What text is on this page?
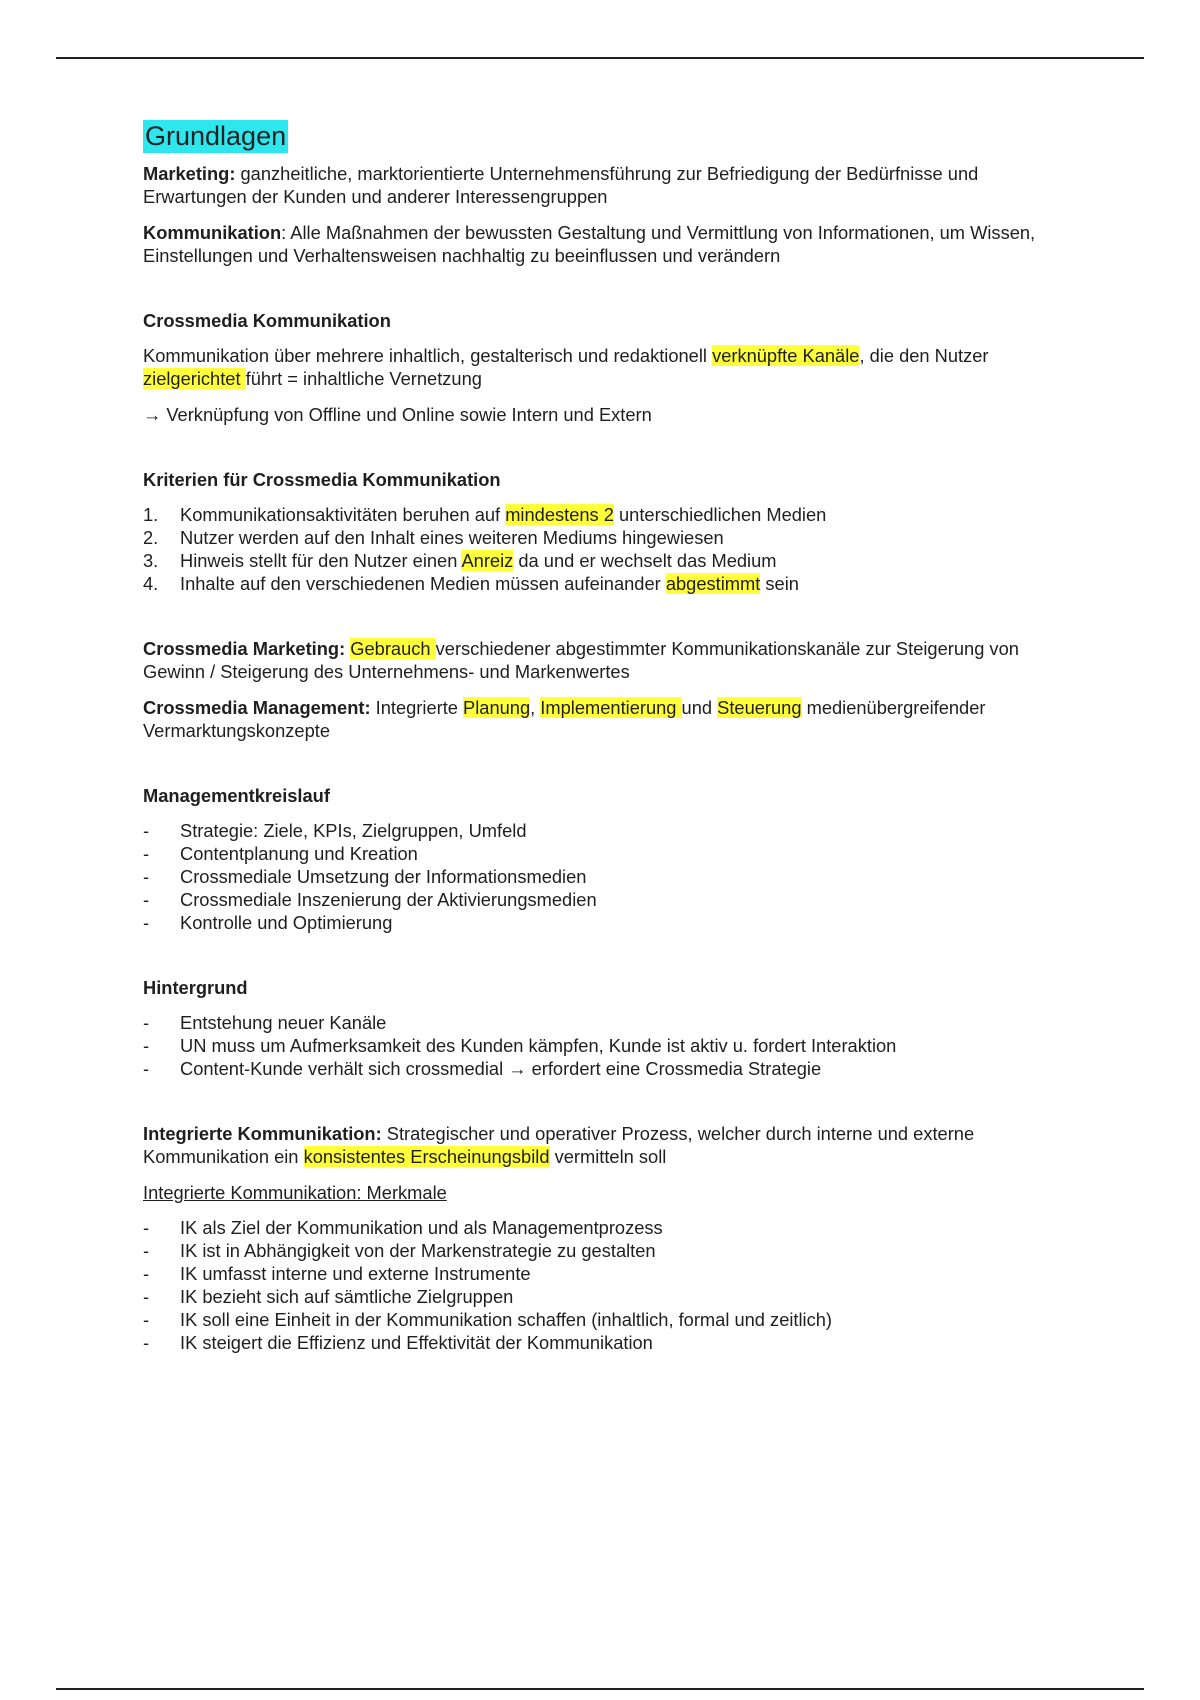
Grundlagen

Marketing: ganzheitliche, marktorientierte Unternehmensführung zur Befriedigung der Bedürfnisse und Erwartungen der Kunden und anderer Interessengruppen

Kommunikation: Alle Maßnahmen der bewussten Gestaltung und Vermittlung von Informationen, um Wissen, Einstellungen und Verhaltensweisen nachhaltig zu beeinflussen und verändern

Crossmedia Kommunikation

Kommunikation über mehrere inhaltlich, gestalterisch und redaktionell verknüpfte Kanäle, die den Nutzer zielgerichtet führt = inhaltliche Vernetzung

→ Verknüpfung von Offline und Online sowie Intern und Extern

Kriterien für Crossmedia Kommunikation
1. Kommunikationsaktivitäten beruhen auf mindestens 2 unterschiedlichen Medien
2. Nutzer werden auf den Inhalt eines weiteren Mediums hingewiesen
3. Hinweis stellt für den Nutzer einen Anreiz da und er wechselt das Medium
4. Inhalte auf den verschiedenen Medien müssen aufeinander abgestimmt sein

Crossmedia Marketing: Gebrauch verschiedener abgestimmter Kommunikationskanäle zur Steigerung von Gewinn / Steigerung des Unternehmens- und Markenwertes

Crossmedia Management: Integrierte Planung, Implementierung und Steuerung medienübergreifender Vermarktungskonzepte

Managementkreislauf
- Strategie: Ziele, KPIs, Zielgruppen, Umfeld
- Contentplanung und Kreation
- Crossmediale Umsetzung der Informationsmedien
- Crossmediale Inszenierung der Aktivierungsmedien
- Kontrolle und Optimierung
Hintergrund
- Entstehung neuer Kanäle
- UN muss um Aufmerksamkeit des Kunden kämpfen, Kunde ist aktiv u. fordert Interaktion
- Content-Kunde verhält sich crossmedial → erfordert eine Crossmedia Strategie

Integrierte Kommunikation: Strategischer und operativer Prozess, welcher durch interne und externe Kommunikation ein konsistentes Erscheinungsbild vermitteln soll

Integrierte Kommunikation: Merkmale

- IK als Ziel der Kommunikation und als Managementprozess
- IK ist in Abhängigkeit von der Markenstrategie zu gestalten
- IK umfasst interne und externe Instrumente
- IK bezieht sich auf sämtliche Zielgruppen
- IK soll eine Einheit in der Kommunikation schaffen (inhaltlich, formal und zeitlich)
- IK steigert die Effizienz und Effektivität der Kommunikation
